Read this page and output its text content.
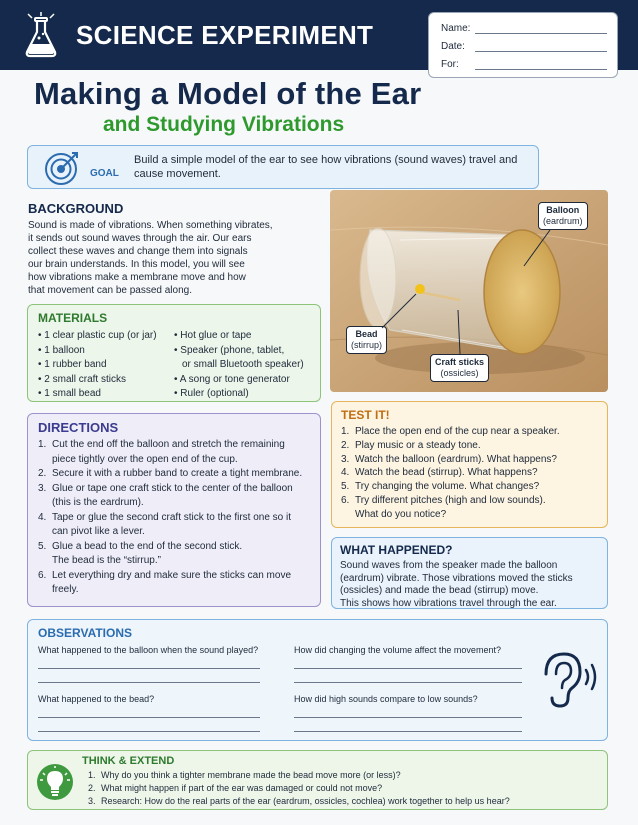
SCIENCE EXPERIMENT	Name:
Date:
For:
Making a Model of the Ear
and Studying Vibrations
GOAL
Build a simple model of the ear to see how vibrations (sound waves) travel and cause movement.
BACKGROUND
Sound is made of vibrations. When something vibrates,
it sends out sound waves through the air. Our ears
collect these waves and change them into signals
our brain understands. In this model, you will see
how vibrations make a membrane move and how
that movement can be passed along.
Balloon
(eardrum)
Bead
(stirrup)
Craft sticks
(ossicles)
MATERIALS
• 1 clear plastic cup (or jar)
• 1 balloon
• 1 rubber band
• 2 small craft sticks
• 1 small bead
• Hot glue or tape
• Speaker (phone, tablet,
or small Bluetooth speaker)
• A song or tone generator
• Ruler (optional)
DIRECTIONS
1. Cut the end off the balloon and stretch the remaining
piece tightly over the open end of the cup.
2. Secure it with a rubber band to create a tight membrane.
3. Glue or tape one craft stick to the center of the balloon
(this is the eardrum).
4. Tape or glue the second craft stick to the first one so it
can pivot like a lever.
5. Glue a bead to the end of the second stick.
The bead is the “stirrup.”
6. Let everything dry and make sure the sticks can move
freely.
TEST IT!
1. Place the open end of the cup near a speaker.
2. Play music or a steady tone.
3. Watch the balloon (eardrum). What happens?
4. Watch the bead (stirrup). What happens?
5. Try changing the volume. What changes?
6. Try different pitches (high and low sounds).
What do you notice?
WHAT HAPPENED?
Sound waves from the speaker made the balloon
(eardrum) vibrate. Those vibrations moved the sticks
(ossicles) and made the bead (stirrup) move.
This shows how vibrations travel through the ear.
OBSERVATIONS
What happened to the balloon when the sound played?	How did changing the volume affect the movement?
What happened to the bead?	How did high sounds compare to low sounds?
THINK & EXTEND
1. Why do you think a tighter membrane made the bead move more (or less)?
2. What might happen if part of the ear was damaged or could not move?
3. Research: How do the real parts of the ear (eardrum, ossicles, cochlea) work together to help us hear?
